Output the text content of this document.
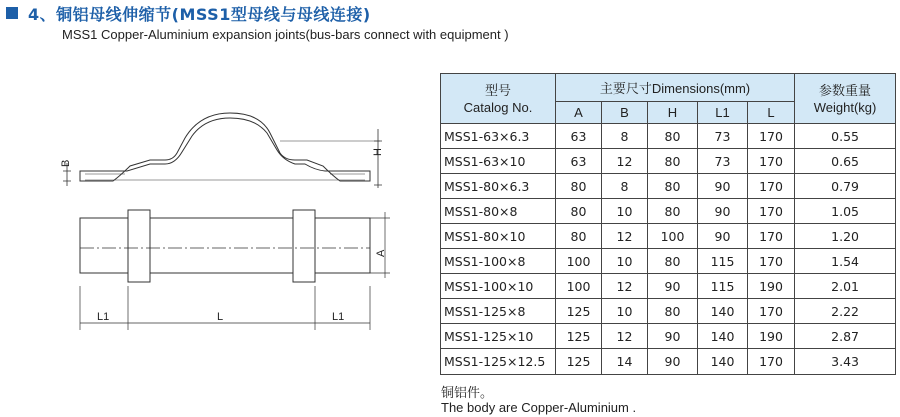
4、铜铝母线伸缩节(MSS1型母线与母线连接)
MSS1 Copper-Aluminium expansion joints(bus-bars connect with equipment )
B
H
A
L1	L	L1
型号
Catalog No.	主要尺寸Dimensions(mm)					参数重量
Weight(kg)
	A	B	H	L1	L	
MSS1-63×6.3	63	8	80	73	170	0.55
MSS1-63×10	63	12	80	73	170	0.65
MSS1-80×6.3	80	8	80	90	170	0.79
MSS1-80×8	80	10	80	90	170	1.05
MSS1-80×10	80	12	100	90	170	1.20
MSS1-100×8	100	10	80	115	170	1.54
MSS1-100×10	100	12	90	115	190	2.01
MSS1-125×8	125	10	80	140	170	2.22
MSS1-125×10	125	12	90	140	190	2.87
MSS1-125×12.5	125	14	90	140	170	3.43
铜铝件。
The body are Copper-Aluminium .
